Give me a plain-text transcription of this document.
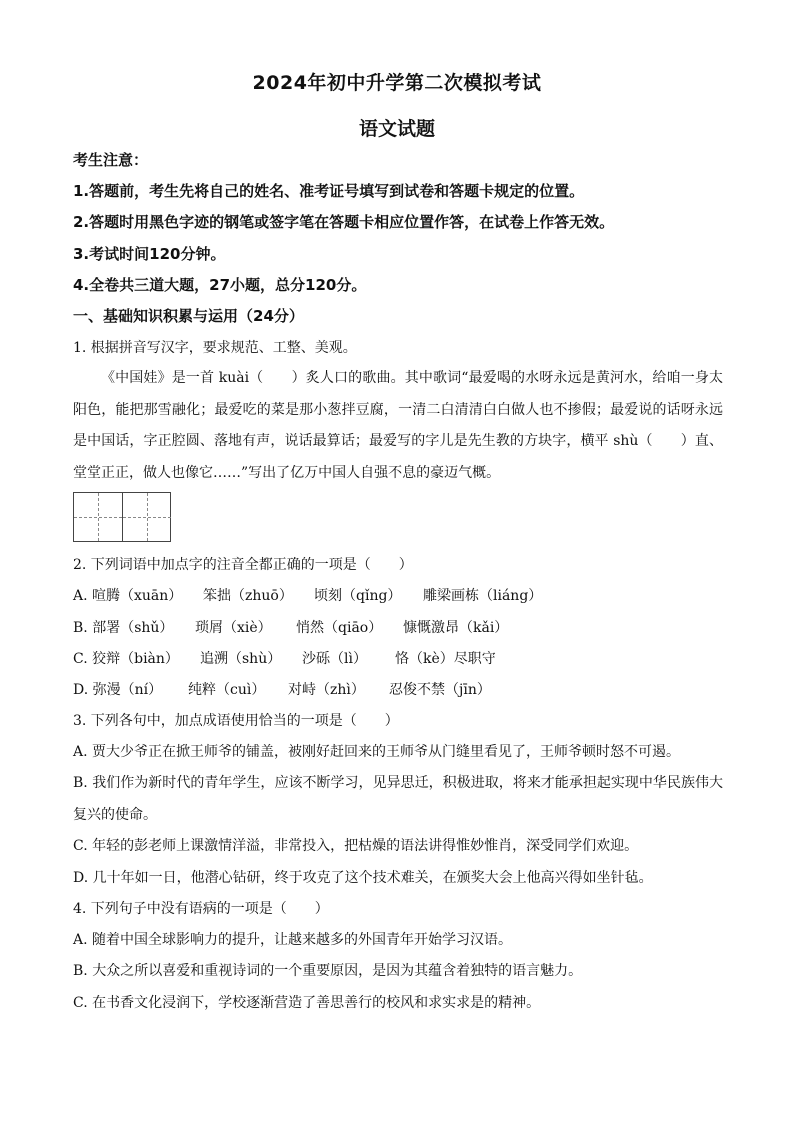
2024年初中升学第二次模拟考试
语文试题
考生注意：
1.答题前，考生先将自己的姓名、准考证号填写到试卷和答题卡规定的位置。
2.答题时用黑色字迹的钢笔或签字笔在答题卡相应位置作答，在试卷上作答无效。
3.考试时间120分钟。
4.全卷共三道大题，27小题，总分120分。
一、基础知识积累与运用（24分）
1. 根据拼音写汉字，要求规范、工整、美观。
《中国娃》是一首 kuài（　　）炙人口的歌曲。其中歌词“最爱喝的水呀永远是黄河水，给咱一身太阳色，能把那雪融化；最爱吃的菜是那小葱拌豆腐，一清二白清清白白做人也不掺假；最爱说的话呀永远是中国话，字正腔圆、落地有声，说话最算话；最爱写的字儿是先生教的方块字，横平 shù（　　）直、堂堂正正，做人也像它……”写出了亿万中国人自强不息的豪迈气概。
2. 下列词语中加点字的注音全都正确的一项是（　　）
A. 喧腾（xuān） 笨拙（zhuō） 顷刻（qǐng） 雕梁画栋（liáng）
B. 部署（shǔ） 琐屑（xiè） 悄然（qiāo） 慷慨激昂（kǎi）
C. 狡辩（biàn） 追溯（shù） 沙砾（lì） 恪（kè）尽职守
D. 弥漫（ní） 纯粹（cuì） 对峙（zhì） 忍俊不禁（jīn）
3. 下列各句中，加点成语使用恰当的一项是（　　）
A. 贾大少爷正在掀王师爷的铺盖，被刚好赶回来的王师爷从门缝里看见了，王师爷顿时怒不可遏。
B. 我们作为新时代的青年学生，应该不断学习，见异思迁，积极进取，将来才能承担起实现中华民族伟大复兴的使命。
C. 年轻的彭老师上课激情洋溢，非常投入，把枯燥的语法讲得惟妙惟肖，深受同学们欢迎。
D. 几十年如一日，他潜心钻研，终于攻克了这个技术难关，在颁奖大会上他高兴得如坐针毡。
4. 下列句子中没有语病的一项是（　　）
A. 随着中国全球影响力的提升，让越来越多的外国青年开始学习汉语。
B. 大众之所以喜爱和重视诗词的一个重要原因，是因为其蕴含着独特的语言魅力。
C. 在书香文化浸润下，学校逐渐营造了善思善行的校风和求实求是的精神。
